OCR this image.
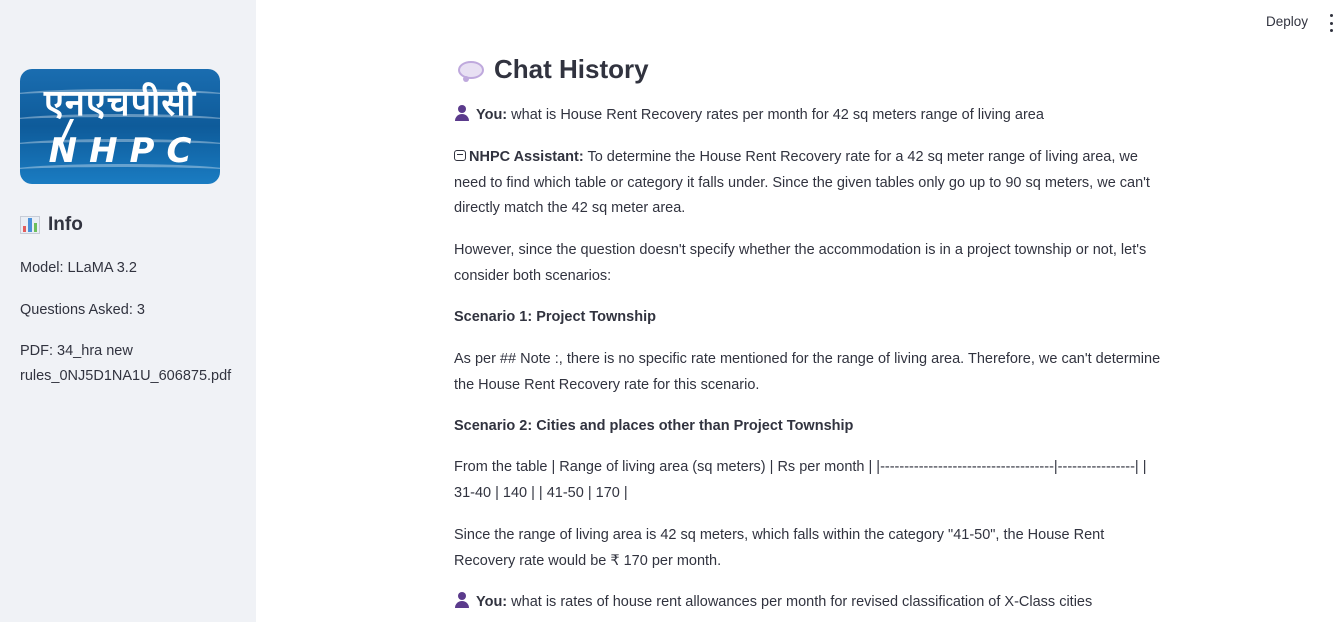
एनएचपीसी
NHPC
Info
Model: LLaMA 3.2
Questions Asked: 3
PDF: 34_hra new
rules_0NJ5D1NA1U_606875.pdf
Deploy
Chat History
You: what is House Rent Recovery rates per month for 42 sq meters range of living area
NHPC Assistant: To determine the House Rent Recovery rate for a 42 sq meter range of living area, we need to find which table or category it falls under. Since the given tables only go up to 90 sq meters, we can't directly match the 42 sq meter area.
However, since the question doesn't specify whether the accommodation is in a project township or not, let's consider both scenarios:
Scenario 1: Project Township
As per ## Note :, there is no specific rate mentioned for the range of living area. Therefore, we can't determine the House Rent Recovery rate for this scenario.
Scenario 2: Cities and places other than Project Township
From the table | Range of living area (sq meters) | Rs per month | |------------------------------------|----------------| |
31-40 | 140 | | 41-50 | 170 |
Since the range of living area is 42 sq meters, which falls within the category "41-50", the House Rent Recovery rate would be ₹ 170 per month.
You: what is rates of house rent allowances per month for revised classification of X-Class cities
